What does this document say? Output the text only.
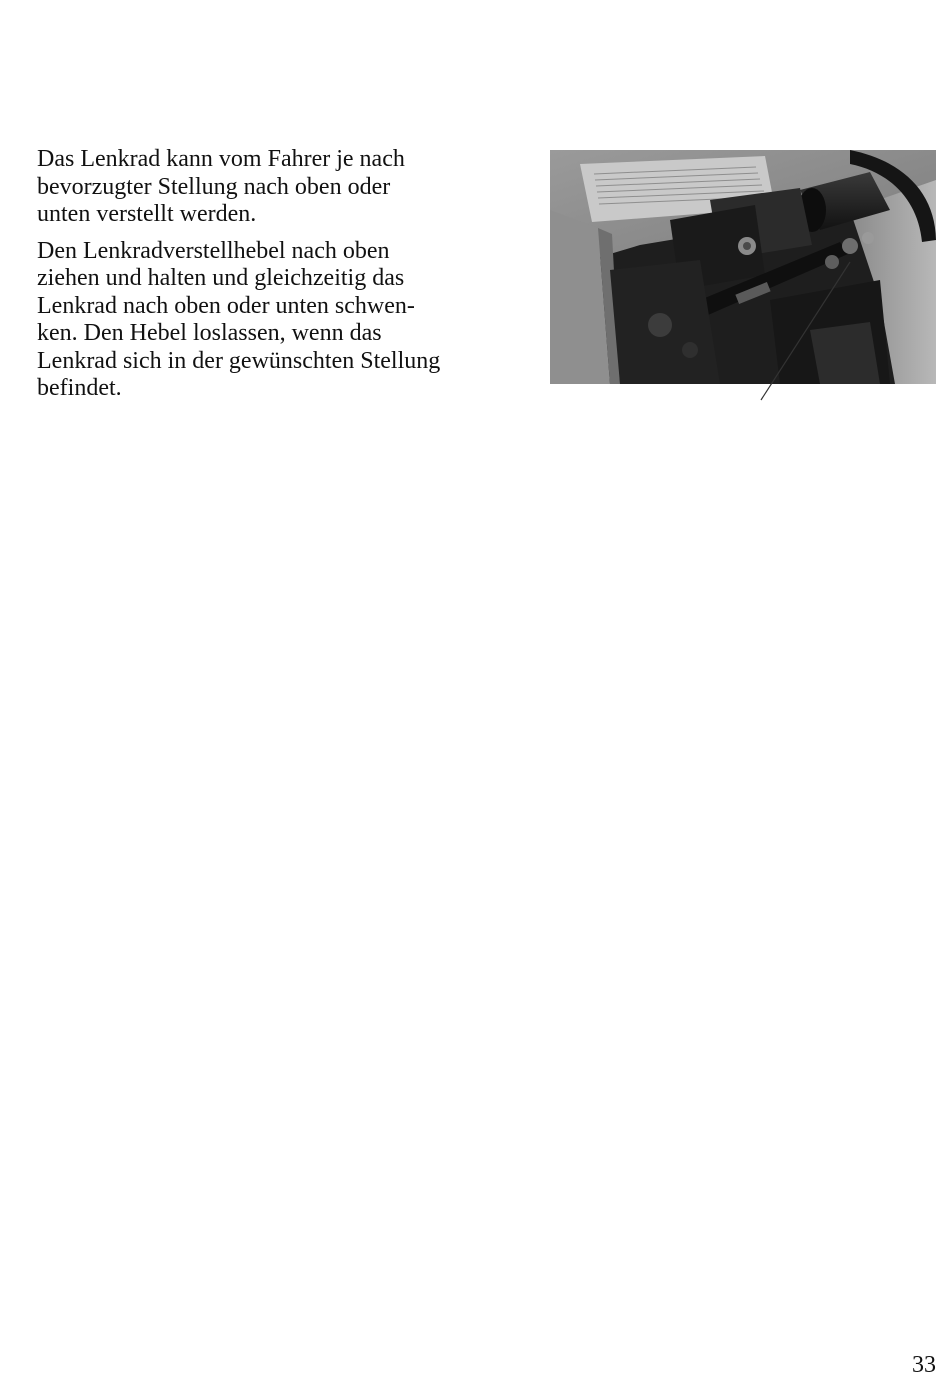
Das Lenkrad kann vom Fahrer je nach
bevorzugter Stellung nach oben oder
unten verstellt werden.

Den Lenkradverstellhebel nach oben
ziehen und halten und gleichzeitig das
Lenkrad nach oben oder unten schwen-
ken. Den Hebel loslassen, wenn das
Lenkrad sich in der gewünschten Stellung
befindet.

33
